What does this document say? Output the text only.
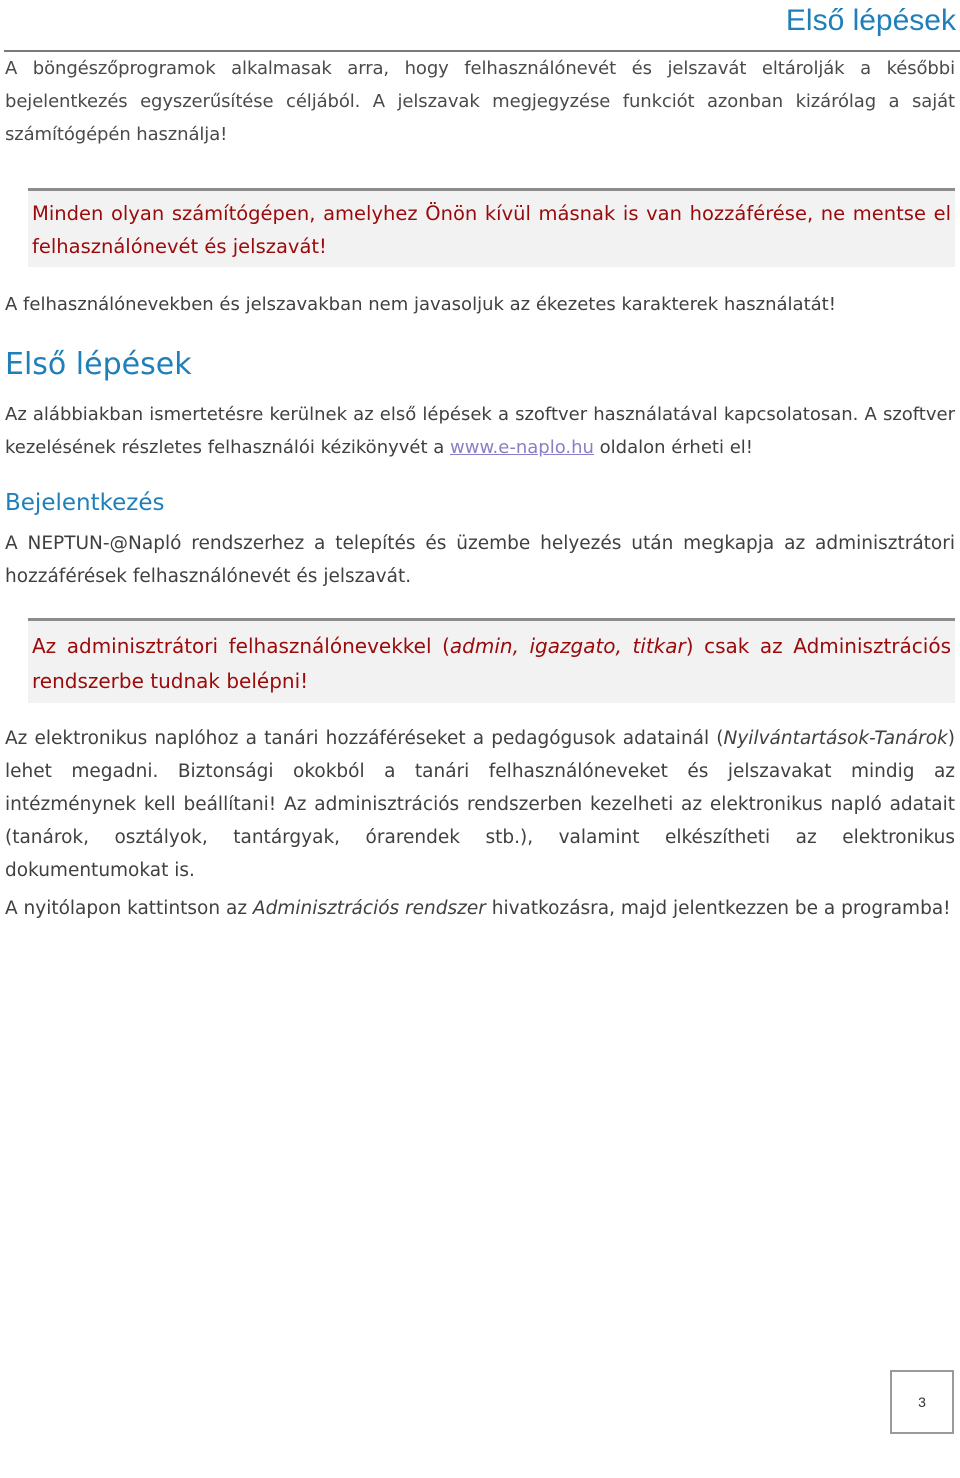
Első lépések

A böngészőprogramok alkalmasak arra, hogy felhasználónevét és jelszavát eltárolják a későbbi bejelentkezés egyszerűsítése céljából. A jelszavak megjegyzése funkciót azonban kizárólag a saját számítógépén használja!

Minden olyan számítógépen, amelyhez Önön kívül másnak is van hozzáférése, ne mentse el felhasználónevét és jelszavát!

A felhasználónevekben és jelszavakban nem javasoljuk az ékezetes karakterek használatát!

Első lépések

Az alábbiakban ismertetésre kerülnek az első lépések a szoftver használatával kapcsolatosan. A szoftver kezelésének részletes felhasználói kézikönyvét a www.e-naplo.hu oldalon érheti el!

Bejelentkezés

A NEPTUN-@Napló rendszerhez a telepítés és üzembe helyezés után megkapja az adminisztrátori hozzáférések felhasználónevét és jelszavát.

Az adminisztrátori felhasználónevekkel (admin, igazgato, titkar) csak az Adminisztrációs rendszerbe tudnak belépni!

Az elektronikus naplóhoz a tanári hozzáféréseket a pedagógusok adatainál (Nyilvántartások-Tanárok) lehet megadni. Biztonsági okokból a tanári felhasználóneveket és jelszavakat mindig az intézménynek kell beállítani! Az adminisztrációs rendszerben kezelheti az elektronikus napló adatait (tanárok, osztályok, tantárgyak, órarendek stb.), valamint elkészítheti az elektronikus dokumentumokat is.

A nyitólapon kattintson az Adminisztrációs rendszer hivatkozásra, majd jelentkezzen be a programba!

3
